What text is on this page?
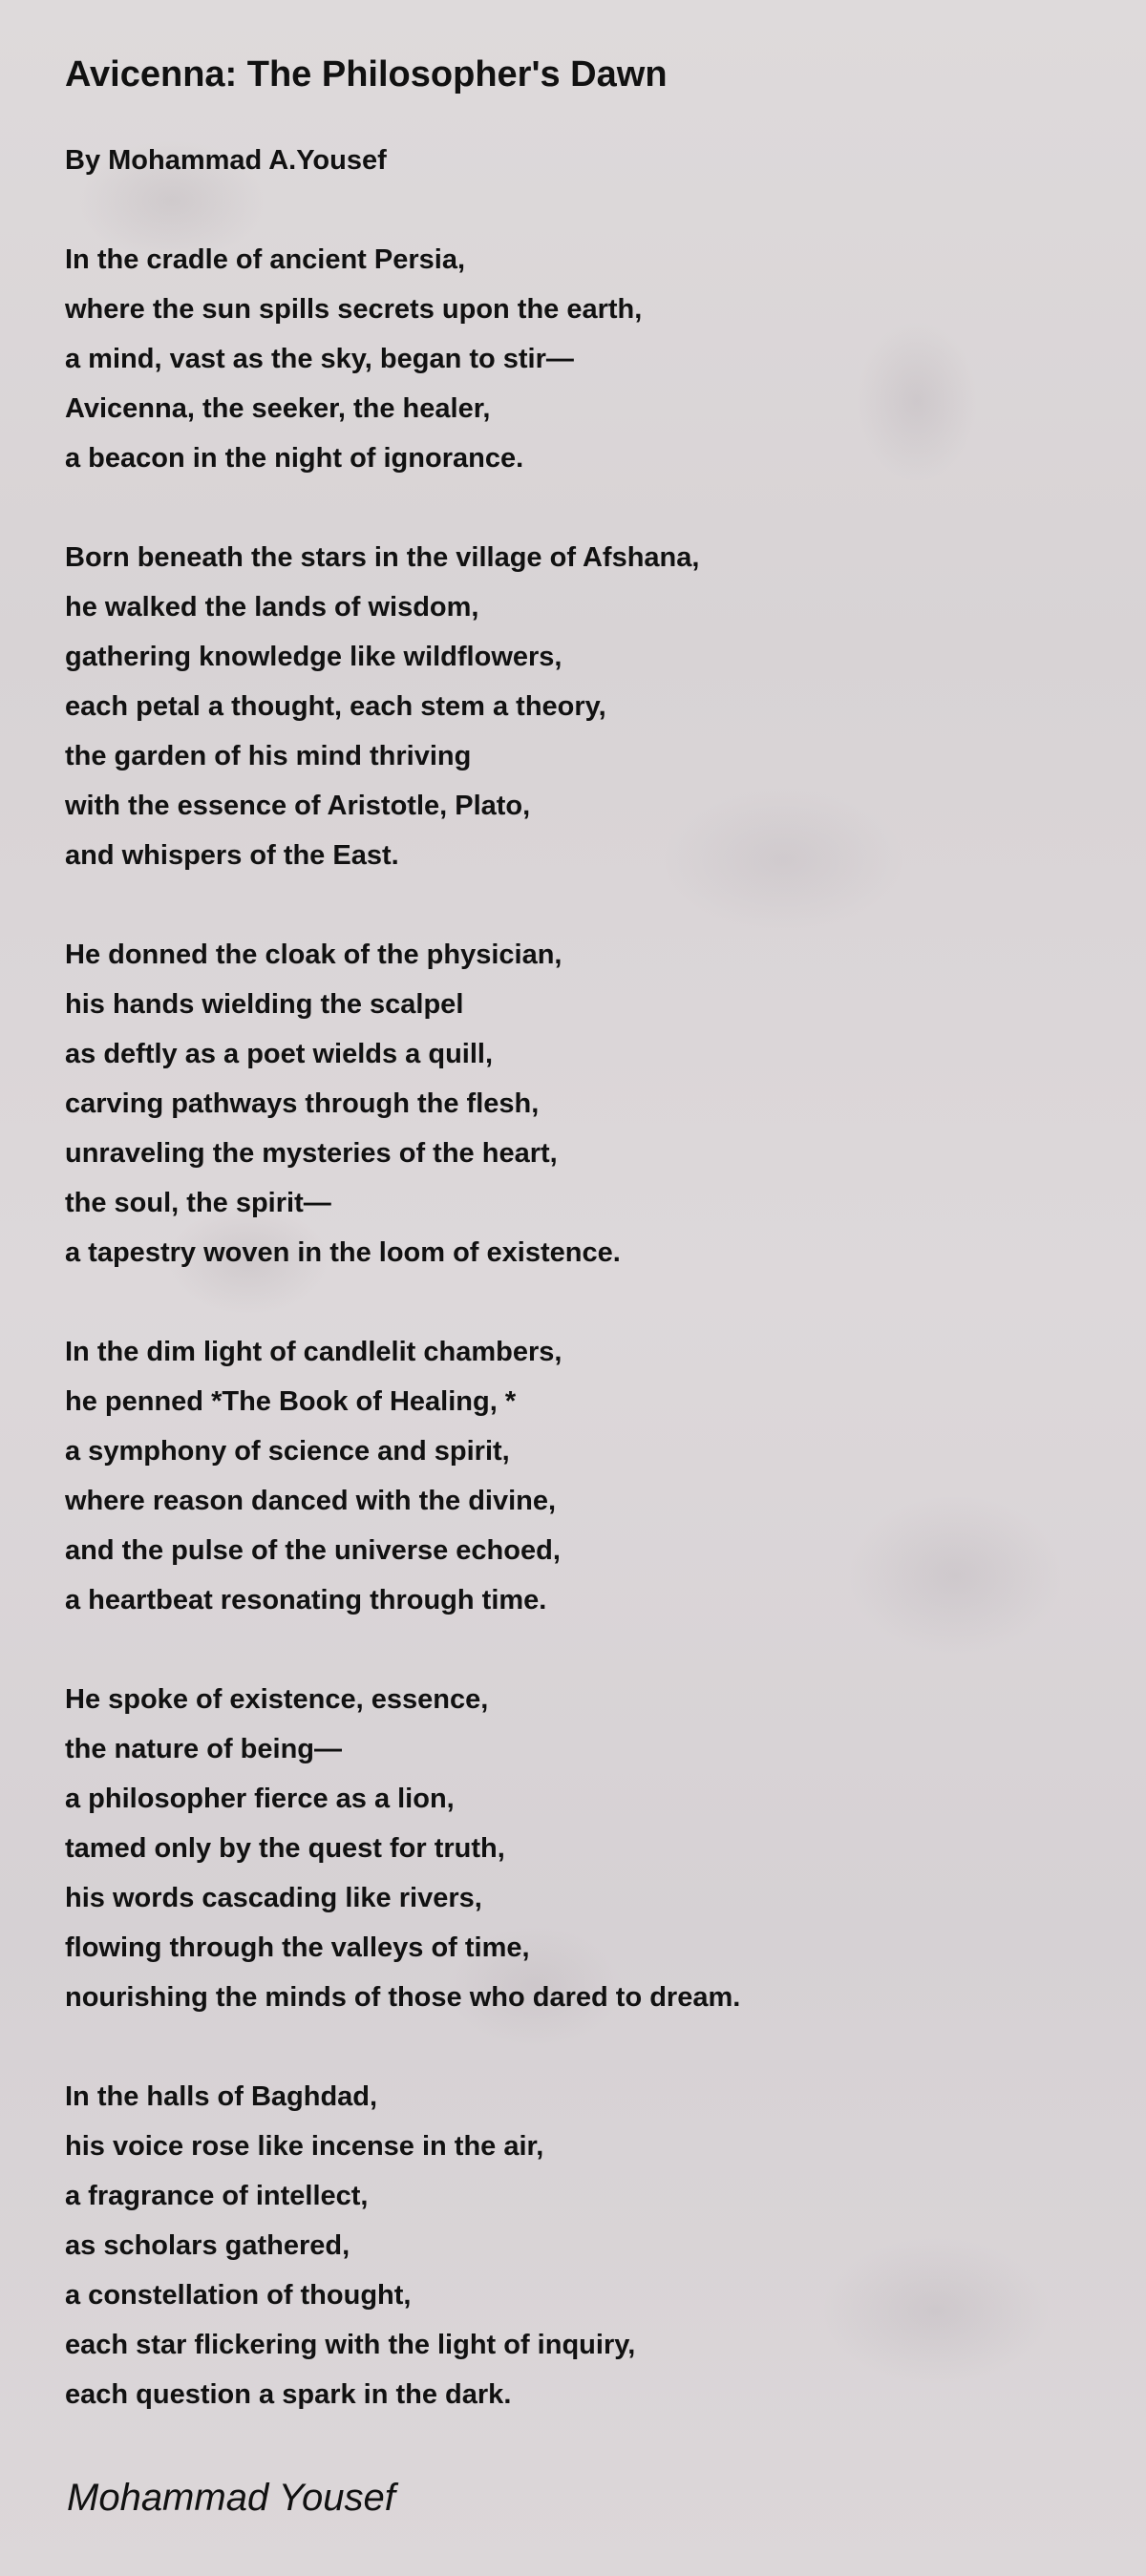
Avicenna: The Philosopher's Dawn

By Mohammad A.Yousef

In the cradle of ancient Persia,
where the sun spills secrets upon the earth,
a mind, vast as the sky, began to stir—
Avicenna, the seeker, the healer,
a beacon in the night of ignorance.
Born beneath the stars in the village of Afshana,
he walked the lands of wisdom,
gathering knowledge like wildflowers,
each petal a thought, each stem a theory,
the garden of his mind thriving
with the essence of Aristotle, Plato,
and whispers of the East.
He donned the cloak of the physician,
his hands wielding the scalpel
as deftly as a poet wields a quill,
carving pathways through the flesh,
unraveling the mysteries of the heart,
the soul, the spirit—
a tapestry woven in the loom of existence.
In the dim light of candlelit chambers,
he penned *The Book of Healing, *
a symphony of science and spirit,
where reason danced with the divine,
and the pulse of the universe echoed,
a heartbeat resonating through time.
He spoke of existence, essence,
the nature of being—
a philosopher fierce as a lion,
tamed only by the quest for truth,
his words cascading like rivers,
flowing through the valleys of time,
nourishing the minds of those who dared to dream.
In the halls of Baghdad,
his voice rose like incense in the air,
a fragrance of intellect,
as scholars gathered,
a constellation of thought,
each star flickering with the light of inquiry,
each question a spark in the dark.
Mohammad Yousef
